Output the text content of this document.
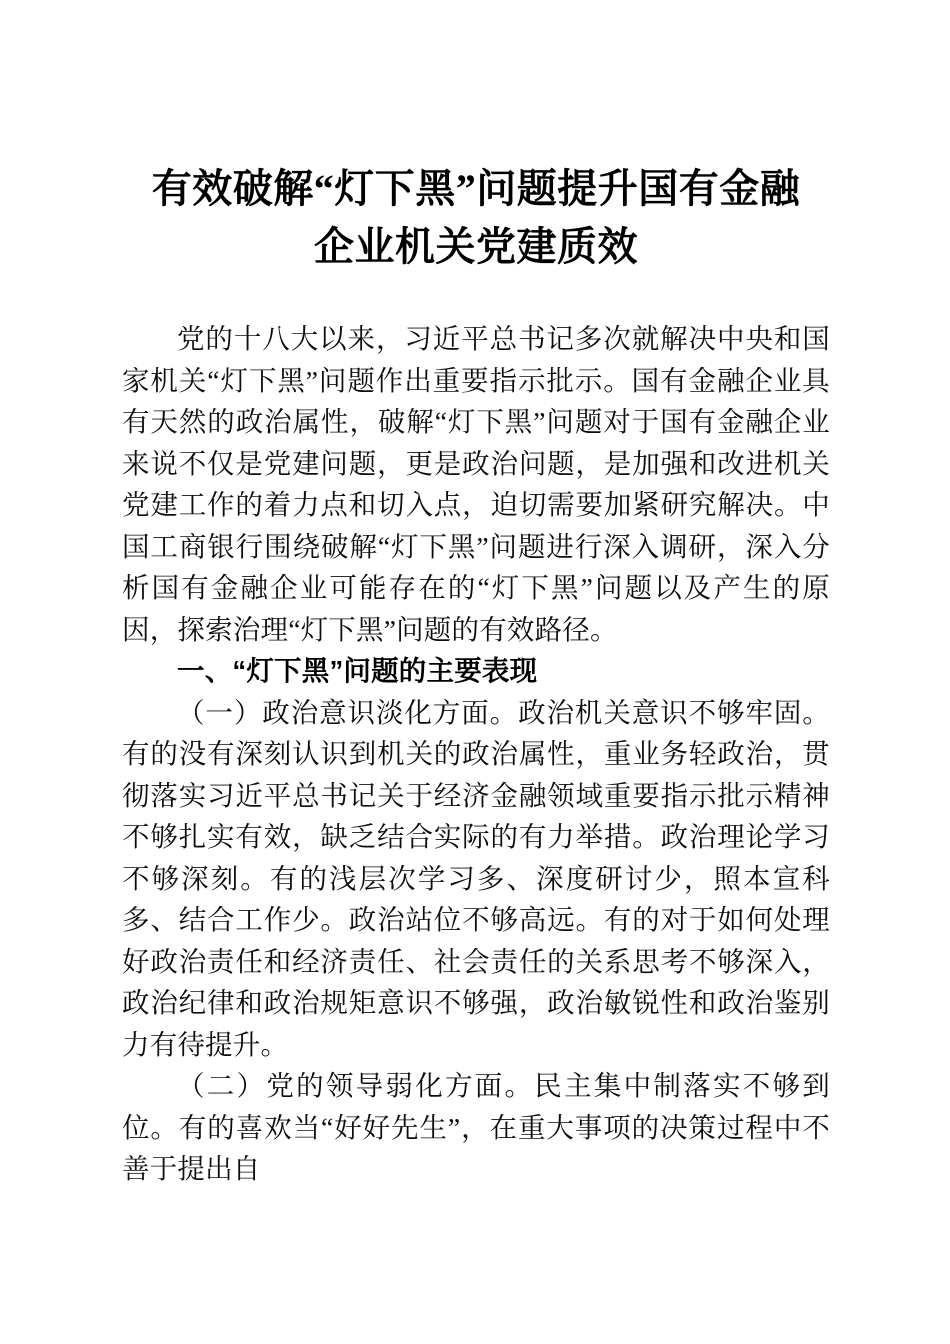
有效破解“灯下黑”问题提升国有金融
企业机关党建质效

党的十八大以来，习近平总书记多次就解决中央和国家机关“灯下黑”问题作出重要指示批示。国有金融企业具有天然的政治属性，破解“灯下黑”问题对于国有金融企业来说不仅是党建问题，更是政治问题，是加强和改进机关党建工作的着力点和切入点，迫切需要加紧研究解决。中国工商银行围绕破解“灯下黑”问题进行深入调研，深入分析国有金融企业可能存在的“灯下黑”问题以及产生的原因，探索治理“灯下黑”问题的有效路径。

一、“灯下黑”问题的主要表现

（一）政治意识淡化方面。政治机关意识不够牢固。有的没有深刻认识到机关的政治属性，重业务轻政治，贯彻落实习近平总书记关于经济金融领域重要指示批示精神不够扎实有效，缺乏结合实际的有力举措。政治理论学习不够深刻。有的浅层次学习多、深度研讨少，照本宣科多、结合工作少。政治站位不够高远。有的对于如何处理好政治责任和经济责任、社会责任的关系思考不够深入，政治纪律和政治规矩意识不够强，政治敏锐性和政治鉴别力有待提升。

（二）党的领导弱化方面。民主集中制落实不够到位。有的喜欢当“好好先生”，在重大事项的决策过程中不善于提出自
